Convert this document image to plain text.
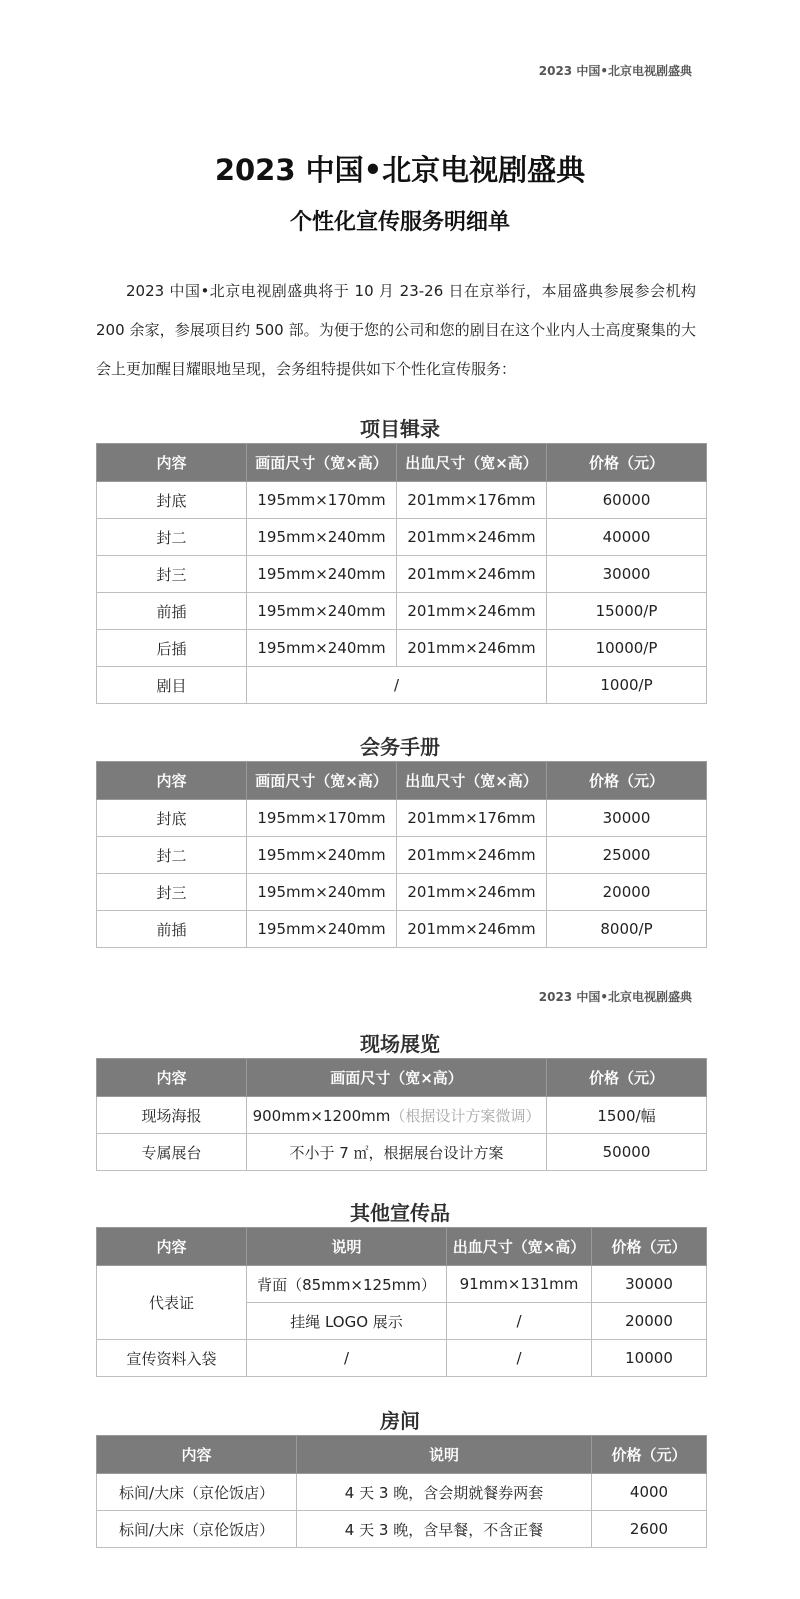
2023 中国•北京电视剧盛典
2023 中国•北京电视剧盛典
个性化宣传服务明细单

2023 中国•北京电视剧盛典将于 10 月 23-26 日在京举行，本届盛典参展参会机构 200 余家，参展项目约 500 部。为便于您的公司和您的剧目在这个业内人士高度聚集的大会上更加醒目耀眼地呈现，会务组特提供如下个性化宣传服务：

项目辑录
内容	画面尺寸（宽×高）	出血尺寸（宽×高）	价格（元）
封底	195mm×170mm	201mm×176mm	60000
封二	195mm×240mm	201mm×246mm	40000
封三	195mm×240mm	201mm×246mm	30000
前插	195mm×240mm	201mm×246mm	15000/P
后插	195mm×240mm	201mm×246mm	10000/P
剧目	/		1000/P
会务手册
内容	画面尺寸（宽×高）	出血尺寸（宽×高）	价格（元）
封底	195mm×170mm	201mm×176mm	30000
封二	195mm×240mm	201mm×246mm	25000
封三	195mm×240mm	201mm×246mm	20000
前插	195mm×240mm	201mm×246mm	8000/P
2023 中国•北京电视剧盛典
现场展览
内容	画面尺寸（宽×高）	价格（元）
现场海报	900mm×1200mm（根据设计方案微调）	1500/幅
专属展台	不小于 7 ㎡，根据展台设计方案	50000
其他宣传品
内容	说明	出血尺寸（宽×高）	价格（元）
代表证	背面（85mm×125mm）	91mm×131mm	30000
	挂绳 LOGO 展示	/	20000
宣传资料入袋	/	/	10000
房间
内容	说明	价格（元）
标间/大床（京伦饭店）	4 天 3 晚，含会期就餐券两套	4000
标间/大床（京伦饭店）	4 天 3 晚，含早餐，不含正餐	2600
